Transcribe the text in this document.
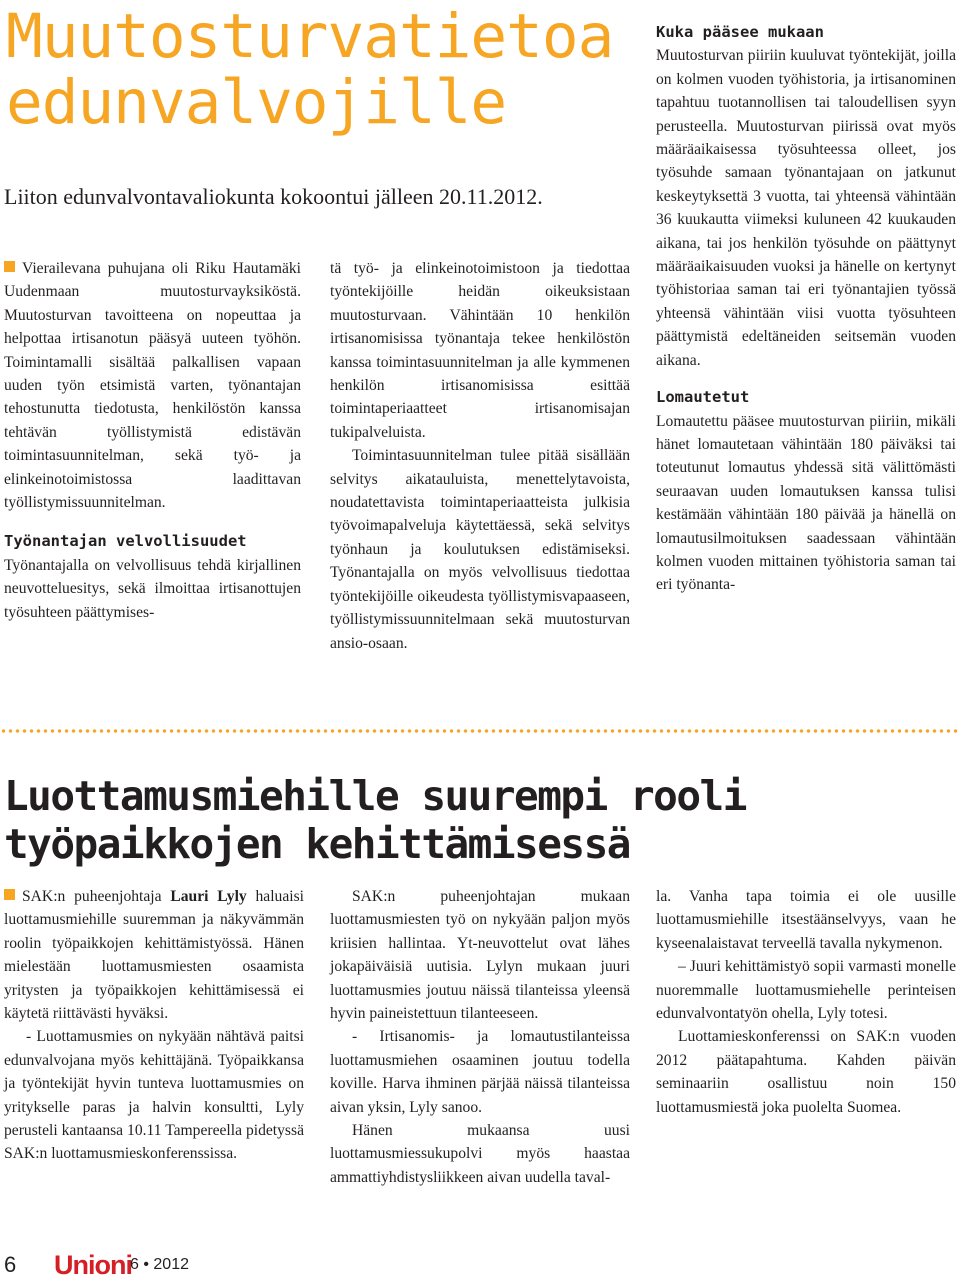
Muutosturvatietoa edunvalvojille
Liiton edunvalvontavaliokunta kokoontui jälleen 20.11.2012.

Vierailevana puhujana oli Riku Hautamäki Uudenmaan muutosturvayksiköstä. Muutosturvan tavoitteena on nopeuttaa ja helpottaa irtisanotun pääsyä uuteen työhön. Toimintamalli sisältää palkallisen vapaan uuden työn etsimistä varten, työnantajan tehostunutta tiedotusta, henkilöstön kanssa tehtävän työllistymistä edistävän toimintasuunnitelman, sekä työ- ja elinkeinotoimistossa laadittavan työllistymissuunnitelman.

Työnantajan velvollisuudet

Työnantajalla on velvollisuus tehdä kirjallinen neuvotteluesitys, sekä ilmoittaa irtisanottujen työsuhteen päättymises-

tä työ- ja elinkeinotoimistoon ja tiedottaa työntekijöille heidän oikeuksistaan muutosturvaan. Vähintään 10 henkilön irtisanomisissa työnantaja tekee henkilöstön kanssa toimintasuunnitelman ja alle kymmenen henkilön irtisanomisissa esittää toimintaperiaatteet irtisanomisajan tukipalveluista.

Toimintasuunnitelman tulee pitää sisällään selvitys aikatauluista, menettelytavoista, noudatettavista toimintaperiaatteista julkisia työvoimapalveluja käytettäessä, sekä selvitys työnhaun ja koulutuksen edistämiseksi. Työnantajalla on myös velvollisuus tiedottaa työntekijöille oikeudesta työllistymisvapaaseen, työllistymissuunnitelmaan sekä muutosturvan ansio-osaan.

Kuka pääsee mukaan

Muutosturvan piiriin kuuluvat työntekijät, joilla on kolmen vuoden työhistoria, ja irtisanominen tapahtuu tuotannollisen tai taloudellisen syyn perusteella. Muutosturvan piirissä ovat myös määräaikaisessa työsuhteessa olleet, jos työsuhde samaan työnantajaan on jatkunut keskeytyksettä 3 vuotta, tai yhteensä vähintään 36 kuukautta viimeksi kuluneen 42 kuukauden aikana, tai jos henkilön työsuhde on päättynyt määräaikaisuuden vuoksi ja hänelle on kertynyt työhistoriaa saman tai eri työnantajien työssä yhteensä vähintään viisi vuotta työsuhteen päättymistä edeltäneiden seitsemän vuoden aikana.

Lomautetut

Lomautettu pääsee muutosturvan piiriin, mikäli hänet lomautetaan vähintään 180 päiväksi tai toteutunut lomautus yhdessä sitä välittömästi seuraavan uuden lomautuksen kanssa tulisi kestämään vähintään 180 päivää ja hänellä on lomautusilmoituksen saadessaan vähintään kolmen vuoden mittainen työhistoria saman tai eri työnanta-

Luottamusmiehille suurempi rooli työpaikkojen kehittämisessä

SAK:n puheenjohtaja Lauri Lyly haluaisi luottamusmiehille suuremman ja näkyvämmän roolin työpaikkojen kehittämistyössä. Hänen mielestään luottamusmiesten osaamista yritysten ja työpaikkojen kehittämisessä ei käytetä riittävästi hyväksi.

- Luottamusmies on nykyään nähtävä paitsi edunvalvojana myös kehittäjänä. Työpaikkansa ja työntekijät hyvin tunteva luottamusmies on yritykselle paras ja halvin konsultti, Lyly perusteli kantaansa 10.11 Tampereella pidetyssä SAK:n luottamusmieskonferenssissa.

SAK:n puheenjohtajan mukaan luottamusmiesten työ on nykyään paljon myös kriisien hallintaa. Yt-neuvottelut ovat lähes jokapäiväisiä uutisia. Lylyn mukaan juuri luottamusmies joutuu näissä tilanteissa yleensä hyvin paineistettuun tilanteeseen.

- Irtisanomis- ja lomautustilanteissa luottamusmiehen osaaminen joutuu todella koville. Harva ihminen pärjää näissä tilanteissa aivan yksin, Lyly sanoo.

Hänen mukaansa uusi luottamusmiessukupolvi myös haastaa ammattiyhdistysliikkeen aivan uudella taval-

la. Vanha tapa toimia ei ole uusille luottamusmiehille itsestäänselvyys, vaan he kyseenalaistavat terveellä tavalla nykymenon.

– Juuri kehittämistyö sopii varmasti monelle nuoremmalle luottamusmiehelle perinteisen edunvalvontatyön ohella, Lyly totesi.

Luottamieskonferenssi on SAK:n vuoden 2012 päätapahtuma. Kahden päivän seminaariin osallistuu noin 150 luottamusmiestä joka puolelta Suomea.

6 Unioni
6 • 2012
